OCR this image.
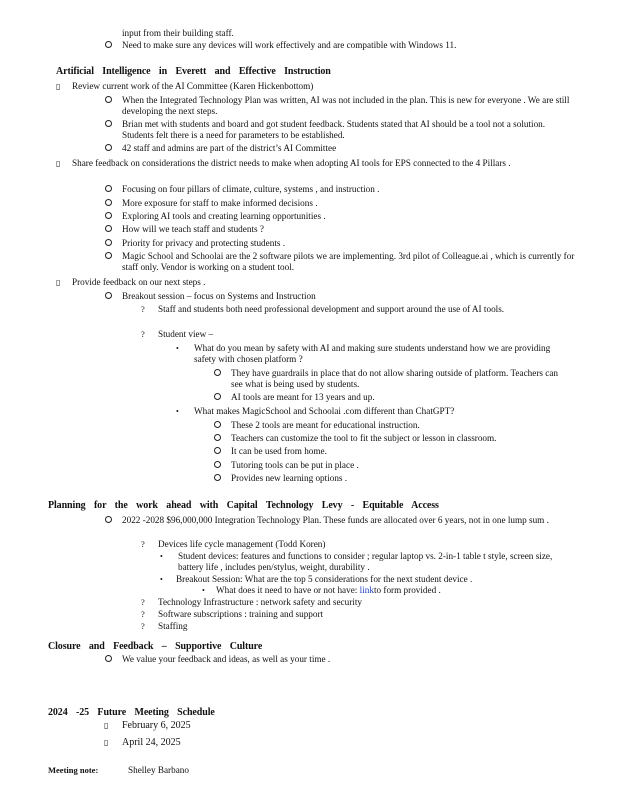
input from their building staff.
Need to make sure any devices will work effectively and are compatible with Windows 11.
Artificial Intelligence in Everett and Effective Instruction
▯ Review current work of the AI Committee (Karen Hickenbottom)
When the Integrated Technology Plan was written, AI was not included in the plan. This is new for everyone . We are still developing the next steps.
Brian met with students and board and got student feedback. Students stated that AI should be a tool not a solution. Students felt there is a need for parameters to be established.
42 staff and admins are part of the district’s AI Committee
▯ Share feedback on considerations the district needs to make when adopting AI tools for EPS connected to the 4 Pillars .
Focusing on four pillars of climate, culture, systems , and instruction .
More exposure for staff to make informed decisions .
Exploring AI tools and creating learning opportunities .
How will we teach staff and students ?
Priority for privacy and protecting students .
Magic School and Schoolai are the 2 software pilots we are implementing. 3rd pilot of Colleague.ai , which is currently for staff only. Vendor is working on a student tool.
▯ Provide feedback on our next steps .
Breakout session – focus on Systems and Instruction
? Staff and students both need professional development and support around the use of AI tools.
? Student view –
• What do you mean by safety with AI and making sure students understand how we are providing safety with chosen platform ?
They have guardrails in place that do not allow sharing outside of platform. Teachers can see what is being used by students.
AI tools are meant for 13 years and up.
• What makes MagicSchool and Schoolai .com different than ChatGPT?
These 2 tools are meant for educational instruction.
Teachers can customize the tool to fit the subject or lesson in classroom.
It can be used from home.
Tutoring tools can be put in place .
Provides new learning options .
Planning for the work ahead with Capital Technology Levy - Equitable Access
2022 -2028 $96,000,000 Integration Technology Plan. These funds are allocated over 6 years, not in one lump sum .
? Devices life cycle management (Todd Koren)
• Student devices: features and functions to consider ; regular laptop vs. 2-in-1 table t style, screen size, battery life , includes pen/stylus, weight, durability .
• Breakout Session: What are the top 5 considerations for the next student device .
• What does it need to have or not have: linkto form provided .
? Technology Infrastructure : network safety and security
? Software subscriptions : training and support
? Staffing
Closure and Feedback – Supportive Culture
We value your feedback and ideas, as well as your time .
2024 -25 Future Meeting Schedule
▯ February 6, 2025
▯ April 24, 2025
Meeting note:	Shelley Barbano
